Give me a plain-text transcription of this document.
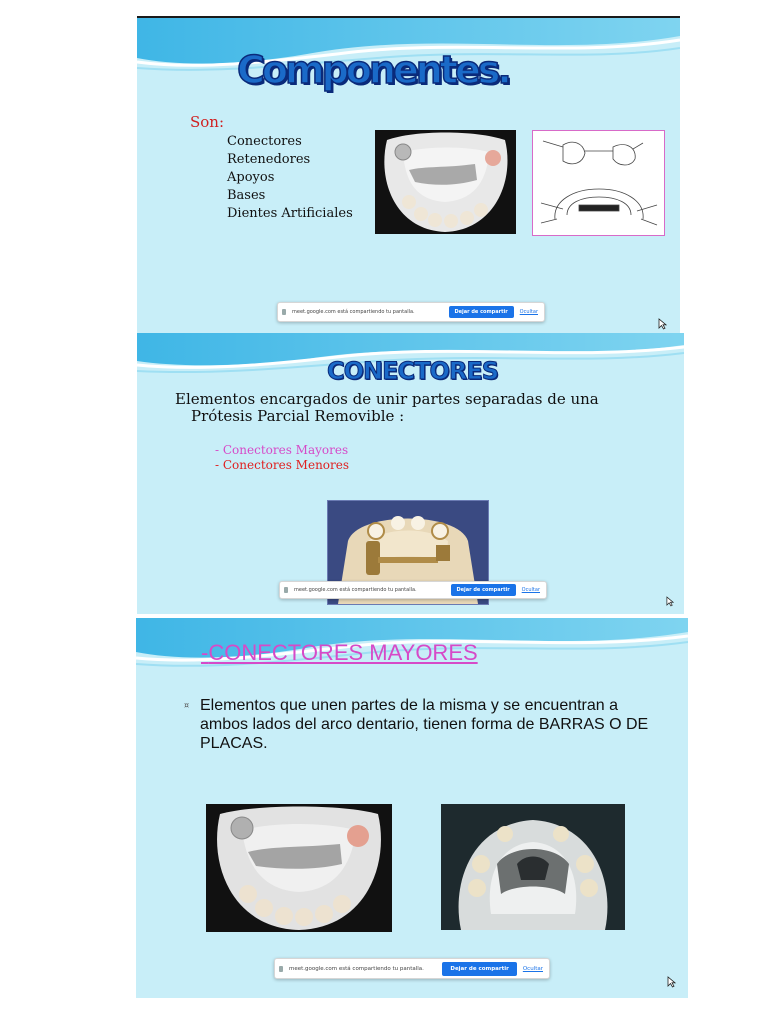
Componentes.
Son:
Conectores
Retenedores
Apoyos
Bases
Dientes Artificiales
meet.google.com está compartiendo tu pantalla.	Dejar de compartir	Ocultar
CONECTORES
Elementos encargados de unir partes separadas de una
Prótesis Parcial Removible :
- Conectores Mayores
- Conectores Menores
meet.google.com está compartiendo tu pantalla.	Dejar de compartir	Ocultar
-CONECTORES MAYORES
¤ Elementos que unen partes de la misma y se encuentran a ambos lados del arco dentario, tienen forma de BARRAS O DE PLACAS.
meet.google.com está compartiendo tu pantalla.	Dejar de compartir	Ocultar
